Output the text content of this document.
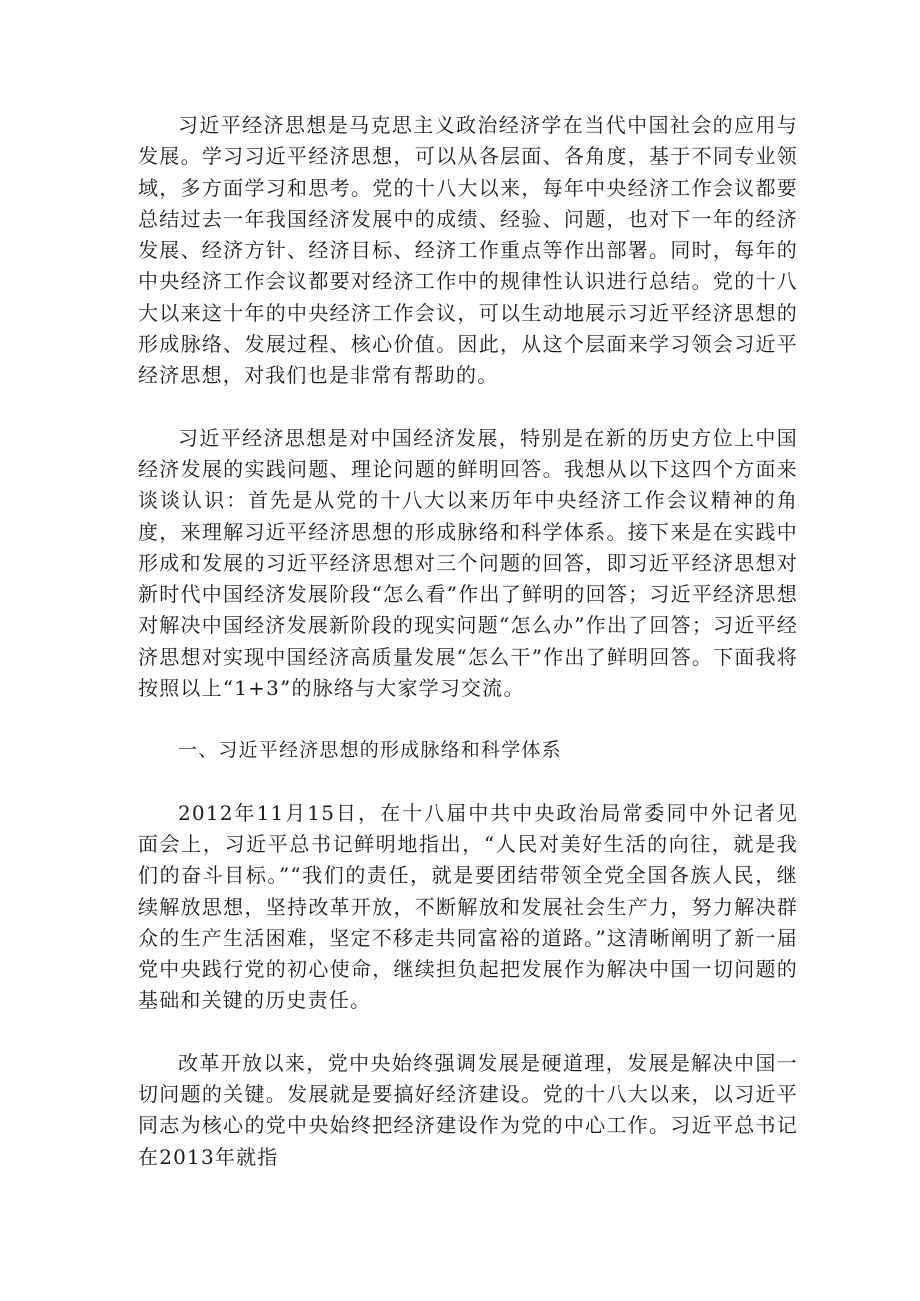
习近平经济思想是马克思主义政治经济学在当代中国社会的应用与发展。学习习近平经济思想，可以从各层面、各角度，基于不同专业领域，多方面学习和思考。党的十八大以来，每年中央经济工作会议都要总结过去一年我国经济发展中的成绩、经验、问题，也对下一年的经济发展、经济方针、经济目标、经济工作重点等作出部署。同时，每年的中央经济工作会议都要对经济工作中的规律性认识进行总结。党的十八大以来这十年的中央经济工作会议，可以生动地展示习近平经济思想的形成脉络、发展过程、核心价值。因此，从这个层面来学习领会习近平经济思想，对我们也是非常有帮助的。

习近平经济思想是对中国经济发展，特别是在新的历史方位上中国经济发展的实践问题、理论问题的鲜明回答。我想从以下这四个方面来谈谈认识：首先是从党的十八大以来历年中央经济工作会议精神的角度，来理解习近平经济思想的形成脉络和科学体系。接下来是在实践中形成和发展的习近平经济思想对三个问题的回答，即习近平经济思想对新时代中国经济发展阶段“怎么看”作出了鲜明的回答；习近平经济思想对解决中国经济发展新阶段的现实问题“怎么办”作出了回答；习近平经济思想对实现中国经济高质量发展“怎么干”作出了鲜明回答。下面我将按照以上“1+3”的脉络与大家学习交流。

一、习近平经济思想的形成脉络和科学体系

2012年11月15日，在十八届中共中央政治局常委同中外记者见面会上，习近平总书记鲜明地指出，“人民对美好生活的向往，就是我们的奋斗目标。”“我们的责任，就是要团结带领全党全国各族人民，继续解放思想，坚持改革开放，不断解放和发展社会生产力，努力解决群众的生产生活困难，坚定不移走共同富裕的道路。”这清晰阐明了新一届党中央践行党的初心使命，继续担负起把发展作为解决中国一切问题的基础和关键的历史责任。

改革开放以来，党中央始终强调发展是硬道理，发展是解决中国一切问题的关键。发展就是要搞好经济建设。党的十八大以来，以习近平同志为核心的党中央始终把经济建设作为党的中心工作。习近平总书记在2013年就指
